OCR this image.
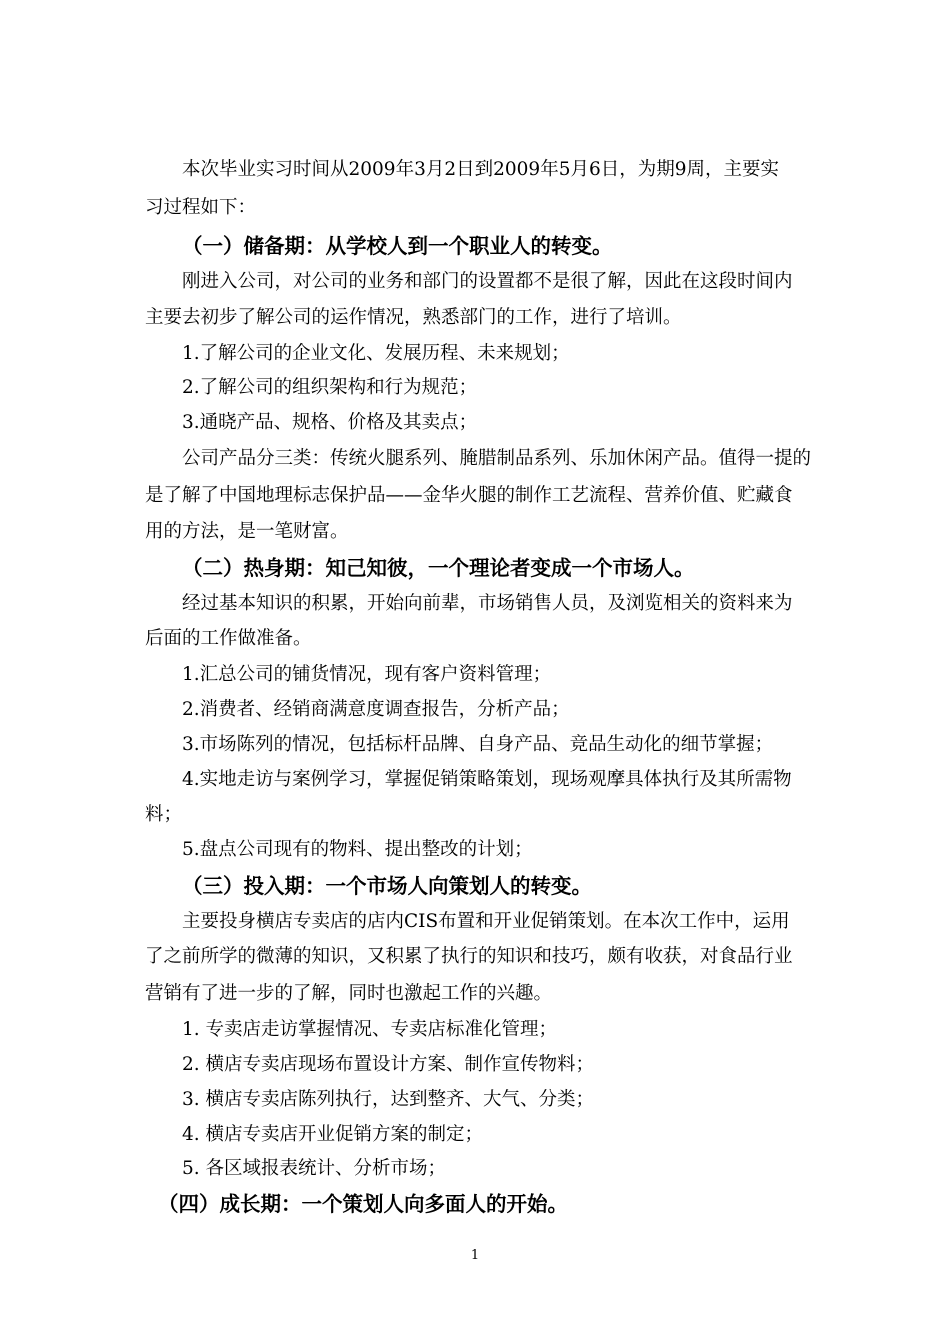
本次毕业实习时间从2009年3月2日到2009年5月6日，为期9周，主要实
习过程如下：
（一）储备期：从学校人到一个职业人的转变。
刚进入公司，对公司的业务和部门的设置都不是很了解，因此在这段时间内
主要去初步了解公司的运作情况，熟悉部门的工作，进行了培训。
1.了解公司的企业文化、发展历程、未来规划；
2.了解公司的组织架构和行为规范；
3.通晓产品、规格、价格及其卖点；
公司产品分三类：传统火腿系列、腌腊制品系列、乐加休闲产品。值得一提的
是了解了中国地理标志保护品——金华火腿的制作工艺流程、营养价值、贮藏食
用的方法，是一笔财富。
（二）热身期：知己知彼，一个理论者变成一个市场人。
经过基本知识的积累，开始向前辈，市场销售人员，及浏览相关的资料来为
后面的工作做准备。
1.汇总公司的铺货情况，现有客户资料管理；
2.消费者、经销商满意度调查报告，分析产品；
3.市场陈列的情况，包括标杆品牌、自身产品、竞品生动化的细节掌握；
4.实地走访与案例学习，掌握促销策略策划，现场观摩具体执行及其所需物
料；
5.盘点公司现有的物料、提出整改的计划；
（三）投入期：一个市场人向策划人的转变。
主要投身横店专卖店的店内CIS布置和开业促销策划。在本次工作中，运用
了之前所学的微薄的知识，又积累了执行的知识和技巧，颇有收获，对食品行业
营销有了进一步的了解，同时也激起工作的兴趣。
1. 专卖店走访掌握情况、专卖店标准化管理；
2. 横店专卖店现场布置设计方案、制作宣传物料；
3. 横店专卖店陈列执行，达到整齐、大气、分类；
4. 横店专卖店开业促销方案的制定；
5. 各区域报表统计、分析市场；
（四）成长期：一个策划人向多面人的开始。
1
